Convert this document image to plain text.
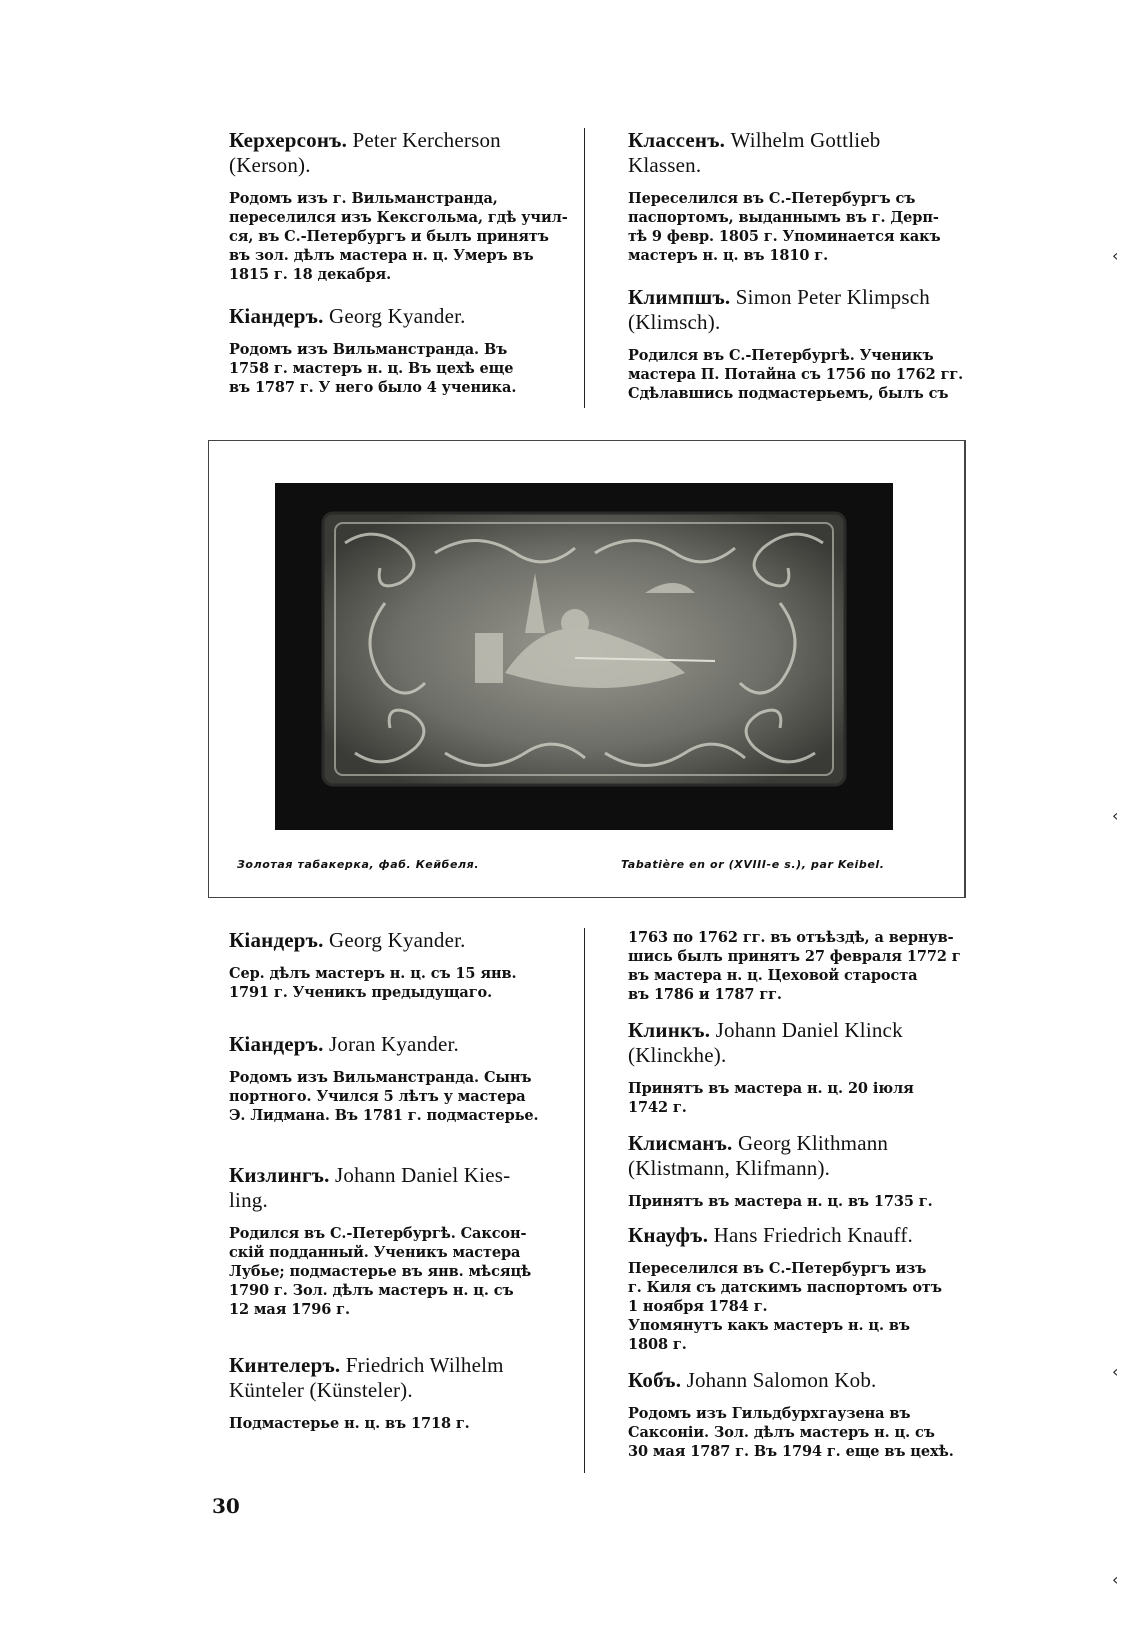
Керхерсонъ. Peter Kercherson
(Kerson).
Родомъ изъ г. Вильманстранда,
переселился изъ Кексгольма, гдѣ учил-
ся, въ С.-Петербургъ и былъ принятъ
въ зол. дѣлъ мастера н. ц. Умеръ въ
1815 г. 18 декабря.
Кіандеръ. Georg Kyander.
Родомъ изъ Вильманстранда. Въ
1758 г. мастеръ н. ц. Въ цехѣ еще
въ 1787 г. У него было 4 ученика.
Классенъ. Wilhelm Gottlieb
Klassen.
Переселился въ С.-Петербургъ съ
паспортомъ, выданнымъ въ г. Дерп-
тѣ 9 февр. 1805 г. Упоминается какъ
мастеръ н. ц. въ 1810 г.
Климпшъ. Simon Peter Klimpsch
(Klimsch).
Родился въ С.-Петербургѣ. Ученикъ
мастера П. Потайна съ 1756 по 1762 гг.
Сдѣлавшись подмастерьемъ, былъ съ
Золотая табакерка, фаб. Кейбеля.	Tabatière en or (XVIII-e s.), par Keibel.
Кіандеръ. Georg Kyander.
Сер. дѣлъ мастеръ н. ц. съ 15 янв.
1791 г. Ученикъ предыдущаго.
Кіандеръ. Joran Kyander.
Родомъ изъ Вильманстранда. Сынъ
портного. Учился 5 лѣтъ у мастера
Э. Лидмана. Въ 1781 г. подмастерье.
Кизлингъ. Johann Daniel Kies-
ling.
Родился въ С.-Петербургѣ. Саксон-
скій подданный. Ученикъ мастера
Лубье; подмастерье въ янв. мѣсяцѣ
1790 г. Зол. дѣлъ мастеръ н. ц. съ
12 мая 1796 г.
Кинтелеръ. Friedrich Wilhelm
Künteler (Künsteler).
Подмастерье н. ц. въ 1718 г.
1763 по 1762 гг. въ отъѣздѣ, а вернув-
шись былъ принятъ 27 февраля 1772 г
въ мастера н. ц. Цеховой староста
въ 1786 и 1787 гг.
Клинкъ. Johann Daniel Klinck
(Klinckhe).
Принятъ въ мастера н. ц. 20 іюля
1742 г.
Клисманъ. Georg Klithmann
(Klistmann, Klifmann).
Принятъ въ мастера н. ц. въ 1735 г.
Кнауфъ. Hans Friedrich Knauff.
Переселился въ С.-Петербургъ изъ
г. Киля съ датскимъ паспортомъ отъ
1 ноября 1784 г.
Упомянутъ какъ мастеръ н. ц. въ
1808 г.
Кобъ. Johann Salomon Kob.
Родомъ изъ Гильдбурхгаузена въ
Саксоніи. Зол. дѣлъ мастеръ н. ц. съ
30 мая 1787 г. Въ 1794 г. еще въ цехѣ.
30
‹
‹
‹
‹
